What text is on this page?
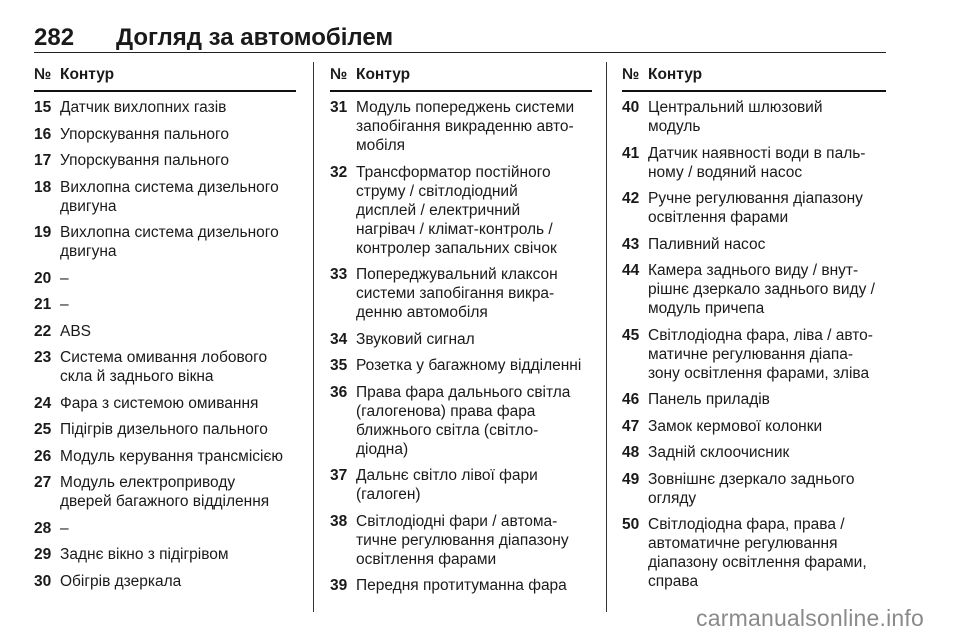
282 Догляд за автомобілем
№ Контур
15 Датчик вихлопних газів
16 Упорскування пального
17 Упорскування пального
18 Вихлопна система дизельного
двигуна
19 Вихлопна система дизельного
двигуна
20 –
21 –
22 ABS
23 Система омивання лобового
скла й заднього вікна
24 Фара з системою омивання
25 Підігрів дизельного пального
26 Модуль керування трансмісією
27 Модуль електроприводу
дверей багажного відділення
28 –
29 Заднє вікно з підігрівом
30 Обігрів дзеркала
№ Контур
31 Модуль попереджень системи
запобігання викраденню авто-
мобіля
32 Трансформатор постійного
струму / світлодіодний
дисплей / електричний
нагрівач / клімат-контроль /
контролер запальних свічок
33 Попереджувальний клаксон
системи запобігання викра-
денню автомобіля
34 Звуковий сигнал
35 Розетка у багажному відділенні
36 Права фара дальнього світла
(галогенова) права фара
ближнього світла (світло-
діодна)
37 Дальнє світло лівої фари
(галоген)
38 Світлодіодні фари / автома-
тичне регулювання діапазону
освітлення фарами
39 Передня протитуманна фара
№ Контур
40 Центральний шлюзовий
модуль
41 Датчик наявності води в паль-
ному / водяний насос
42 Ручне регулювання діапазону
освітлення фарами
43 Паливний насос
44 Камера заднього виду / внут-
рішнє дзеркало заднього виду /
модуль причепа
45 Світлодіодна фара, ліва / авто-
матичне регулювання діапа-
зону освітлення фарами, зліва
46 Панель приладів
47 Замок кермової колонки
48 Задній склоочисник
49 Зовнішнє дзеркало заднього
огляду
50 Світлодіодна фара, права /
автоматичне регулювання
діапазону освітлення фарами,
справа
carmanualsonline.info
